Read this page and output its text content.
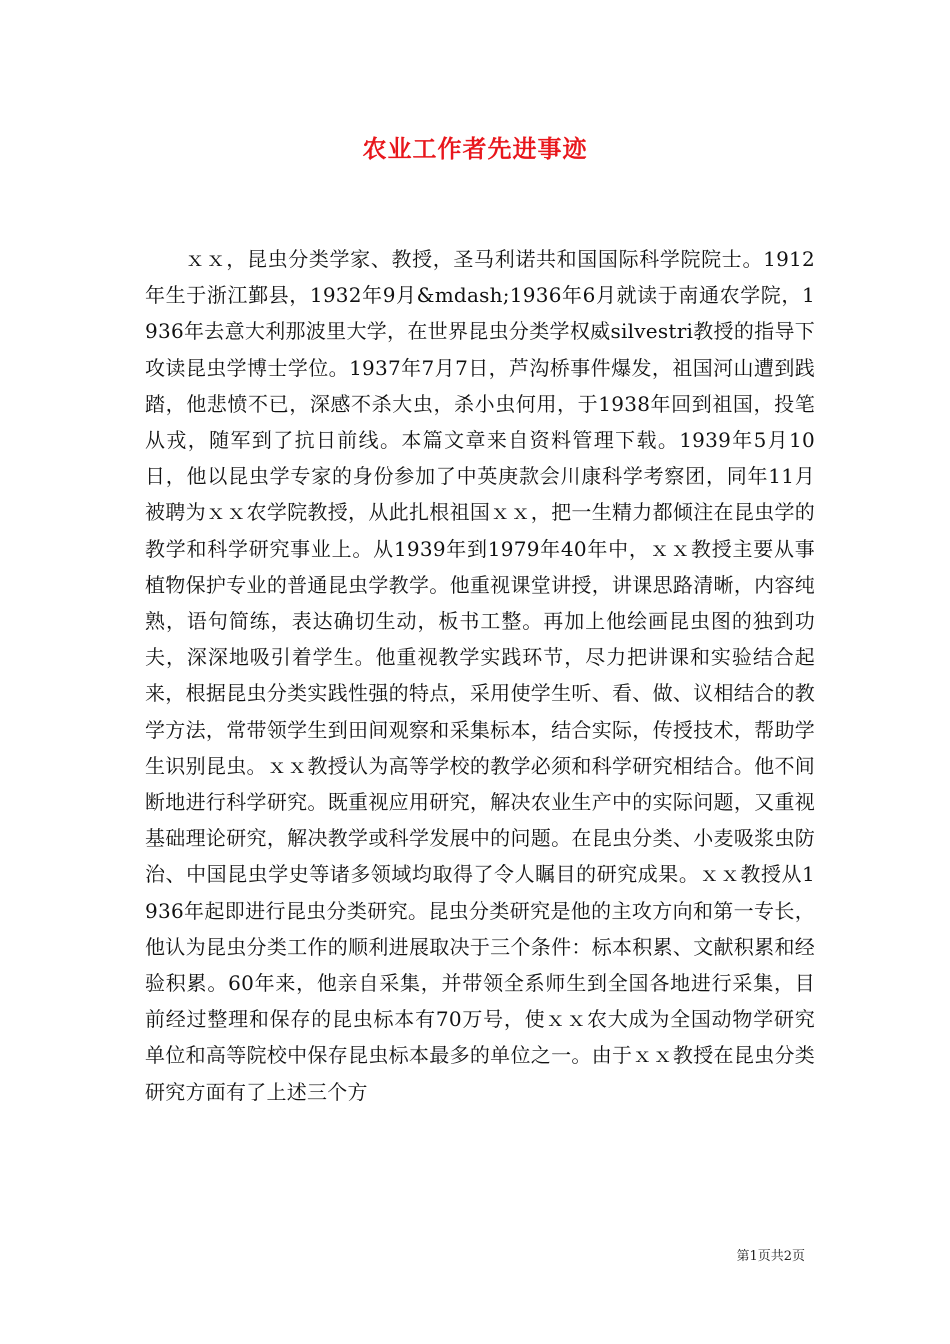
农业工作者先进事迹

ｘｘ，昆虫分类学家、教授，圣马利诺共和国国际科学院院士。1912年生于浙江鄞县，1932年9月&mdash;1936年6月就读于南通农学院，1936年去意大利那波里大学，在世界昆虫分类学权威silvestri教授的指导下攻读昆虫学博士学位。1937年7月7日，芦沟桥事件爆发，祖国河山遭到践踏，他悲愤不已，深感不杀大虫，杀小虫何用，于1938年回到祖国，投笔从戎，随军到了抗日前线。本篇文章来自资料管理下载。1939年5月10日，他以昆虫学专家的身份参加了中英庚款会川康科学考察团，同年11月被聘为ｘｘ农学院教授，从此扎根祖国ｘｘ，把一生精力都倾注在昆虫学的教学和科学研究事业上。从1939年到1979年40年中，ｘｘ教授主要从事植物保护专业的普通昆虫学教学。他重视课堂讲授，讲课思路清晰，内容纯熟，语句简练，表达确切生动，板书工整。再加上他绘画昆虫图的独到功夫，深深地吸引着学生。他重视教学实践环节，尽力把讲课和实验结合起来，根据昆虫分类实践性强的特点，采用使学生听、看、做、议相结合的教学方法，常带领学生到田间观察和采集标本，结合实际，传授技术，帮助学生识别昆虫。ｘｘ教授认为高等学校的教学必须和科学研究相结合。他不间断地进行科学研究。既重视应用研究，解决农业生产中的实际问题，又重视基础理论研究，解决教学或科学发展中的问题。在昆虫分类、小麦吸浆虫防治、中国昆虫学史等诸多领域均取得了令人瞩目的研究成果。ｘｘ教授从1936年起即进行昆虫分类研究。昆虫分类研究是他的主攻方向和第一专长，他认为昆虫分类工作的顺利进展取决于三个条件：标本积累、文献积累和经验积累。60年来，他亲自采集，并带领全系师生到全国各地进行采集，目前经过整理和保存的昆虫标本有70万号，使ｘｘ农大成为全国动物学研究单位和高等院校中保存昆虫标本最多的单位之一。由于ｘｘ教授在昆虫分类研究方面有了上述三个方

第1页共2页
